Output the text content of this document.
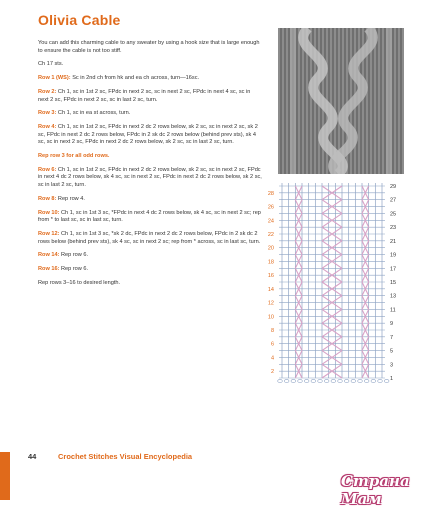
Olivia Cable

You can add this charming cable to any sweater by using a hook size that is large enough to ensure the cable is not too stiff.

Ch 17 sts.

Row 1 (WS): Sc in 2nd ch from hk and ea ch across, turn—16sc.

Row 2: Ch 1, sc in 1st 2 sc, FPdc in next 2 sc, sc in next 2 sc, FPdc in next 4 sc, sc in next 2 sc, FPdc in next 2 sc, sc in last 2 sc, turn.

Row 3: Ch 1, sc in ea st across, turn.

Row 4: Ch 1, sc in 1st 2 sc, FPdc in next 2 dc 2 rows below, sk 2 sc, sc in next 2 sc, sk 2 sc, FPdc in next 2 dc 2 rows below, FPdc in 2 sk dc 2 rows below (behind prev sts), sk 4 sc, sc in next 2 sc, FPdc in next 2 dc 2 rows below, sk 2 sc, sc in last 2 sc, turn.

Rep row 3 for all odd rows.

Row 6: Ch 1, sc in 1st 2 sc, FPdc in next 2 dc 2 rows below, sk 2 sc, sc in next 2 sc, FPdc in next 4 dc 2 rows below, sk 4 sc, sc in next 2 sc, FPdc in next 2 dc 2 rows below, sk 2 sc, sc in last 2 sc, turn.

Row 8: Rep row 4.

Row 10: Ch 1, sc in 1st 3 sc, *FPdc in next 4 dc 2 rows below, sk 4 sc, sc in next 2 sc; rep from * to last sc, sc in last sc, turn.

Row 12: Ch 1, sc in 1st 3 sc, *sk 2 dc, FPdc in next 2 dc 2 rows below, FPdc in 2 sk dc 2 rows below (behind prev sts), sk 4 sc, sc in next 2 sc; rep from * across, sc in last sc, turn.

Row 14: Rep row 6.

Row 16: Rep row 6.

Rep rows 3–16 to desired length.

28
26
24
22
20
18
16
14
12
10
8
6
4
2
29
27
25
23
21
19
17
15
13
11
9
7
5
3
1
44	Crochet Stitches Visual Encyclopedia
Страна Мам
